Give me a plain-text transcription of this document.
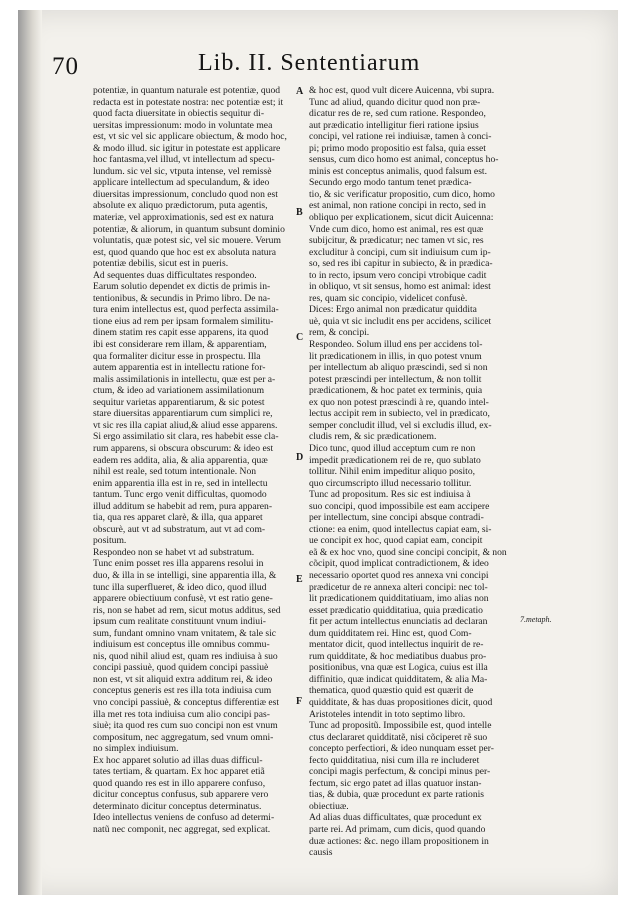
70	Lib. II. Sententiarum
potentiæ, in quantum naturale est potentiæ, quod
redacta est in potestate nostra: nec potentiæ est; it
quod facta diuersitate in obiectis sequitur di-
uersitas impressionum: modo in voluntate mea
est, vt sic vel sic applicare obiectum, & modo hoc,
& modo illud. sic igitur in potestate est applicare
hoc fantasma,vel illud, vt intellectum ad specu-
lundum. sic vel sic, vtputa intense, vel remissè
applicare intellectum ad speculandum, & ideo
diuersitas impressionum, concludo quod non est
absolute ex aliquo prædictorum, puta agentis,
materiæ, vel approximationis, sed est ex natura
potentiæ, & aliorum, in quantum subsunt dominio
voluntatis, quæ potest sic, vel sic mouere. Verum
est, quod quando que hoc est ex absoluta natura
potentiæ debilis, sicut est in pueris.
Ad sequentes duas difficultates respondeo.
Earum solutio dependet ex dictis de primis in-
tentionibus, & secundis in Primo libro. De na-
tura enim intellectus est, quod perfecta assimila-
tione eius ad rem per ipsam formalem similitu-
dinem statim res capit esse apparens, ita quod
ibi est considerare rem illam, & apparentiam,
qua formaliter dicitur esse in prospectu. Illa
autem apparentia est in intellectu ratione for-
malis assimilationis in intellectu, quæ est per a-
ctum, & ideo ad variationem assimilationum
sequitur varietas apparentiarum, & sic potest
stare diuersitas apparentiarum cum simplici re,
vt sic res illa capiat aliud,& aliud esse apparens.
Si ergo assimilatio sit clara, res habebit esse cla-
rum apparens, si obscura obscurum: & ideo est
eadem res addita, alia, & alia apparentia, quæ
nihil est reale, sed totum intentionale. Non
enim apparentia illa est in re, sed in intellectu
tantum. Tunc ergo venit difficultas, quomodo
illud additum se habebit ad rem, pura apparen-
tia, qua res apparet clarè, & illa, qua apparet
obscurè, aut vt ad substratum, aut vt ad com-
positum.
Respondeo non se habet vt ad substratum.
Tunc enim posset res illa apparens resolui in
duo, & illa in se intelligi, sine apparentia illa, &
tunc illa superflueret, & ideo dico, quod illud
apparere obiectiuum confusè, vt est ratio gene-
ris, non se habet ad rem, sicut motus additus, sed
ipsum cum realitate constituunt vnum indiui-
sum, fundant omnino vnam vnitatem, & tale sic
indiuisum est conceptus ille omnibus commu-
nis, quod nihil aliud est, quam res indiuisa à suo
concipi passiuè, quod quidem concipi passiuè
non est, vt sit aliquid extra additum rei, & ideo
conceptus generis est res illa tota indiuisa cum
vno concipi passiuè, & conceptus differentiæ est
illa met res tota indiuisa cum alio concipi pas-
siuè; ita quod res cum suo concipi non est vnum
compositum, nec aggregatum, sed vnum omni-
no simplex indiuisum.
Ex hoc apparet solutio ad illas duas difficul-
tates tertiam, & quartam. Ex hoc apparet etiã
quod quando res est in illo apparere confuso,
dicitur conceptus confusus, sub apparere vero
determinato dicitur conceptus determinatus.
Ideo intellectus veniens de confuso ad determi-
natũ nec componit, nec aggregat, sed explicat.
& hoc est, quod vult dicere Auicenna, vbi supra.
Tunc ad aliud, quando dicitur quod non præ-
dicatur res de re, sed cum ratione. Respondeo,
aut prædicatio intelligitur fieri ratione ipsius
concipi, vel ratione rei indiuisæ, tamen à conci-
pi; primo modo propositio est falsa, quia esset
sensus, cum dico homo est animal, conceptus ho-
minis est conceptus animalis, quod falsum est.
Secundo ergo modo tantum tenet prædica-
tio, & sic verificatur propositio, cum dico, homo
est animal, non ratione concipi in recto, sed in
obliquo per explicationem, sicut dicit Auicenna:
Vnde cum dico, homo est animal, res est quæ
subijcitur, & prædicatur; nec tamen vt sic, res
excluditur à concipi, cum sit indiuisum cum ip-
so, sed res ibi capitur in subiecto, & in prædica-
to in recto, ipsum vero concipi vtrobique cadit
in obliquo, vt sit sensus, homo est animal: idest
res, quam sic concipio, videlicet confusè.
Dices: Ergo animal non prædicatur quiddita
uè, quia vt sic includit ens per accidens, scilicet
rem, & concipi.
Respondeo. Solum illud ens per accidens tol-
lit prædicationem in illis, in quo potest vnum
per intellectum ab aliquo præscindi, sed si non
potest præscindi per intellectum, & non tollit
prædicationem, & hoc patet ex terminis, quia
ex quo non potest præscindi à re, quando intel-
lectus accipit rem in subiecto, vel in prædicato,
semper concludit illud, vel si excludis illud, ex-
cludis rem, & sic prædicationem.
Dico tunc, quod illud acceptum cum re non
impedit prædicationem rei de re, quo sublato
tollitur. Nihil enim impeditur aliquo posito,
quo circumscripto illud necessario tollitur.
Tunc ad propositum. Res sic est indiuisa à
suo concipi, quod impossibile est eam accipere
per intellectum, sine concipi absque contradi-
ctione: ea enim, quod intellectus capiat eam, si-
ue concipit ex hoc, quod capiat eam, concipit
eã & ex hoc vno, quod sine concipi concipit, & non
cõcipit, quod implicat contradictionem, & ideo
necessario oportet quod res annexa vni concipi
prædicetur de re annexa alteri concipi: nec tol-
lit prædicationem quidditatiuam, imo alias non
esset prædicatio quidditatiua, quia prædicatio
fit per actum intellectus enunciatis ad declaran
dum quidditatem rei. Hinc est, quod Com-
mentator dicit, quod intellectus inquirit de re-
rum quidditate, & hoc mediatibus duabus pro-
positionibus, vna quæ est Logica, cuius est illa
diffinitio, quæ indicat quidditatem, & alia Ma-
thematica, quod quæstio quid est quærit de
quidditate, & has duas propositiones dicit, quod
Aristoteles intendit in toto septimo libro.
Tunc ad propositũ. Impossibile est, quod intelle
ctus declararet quidditatẽ, nisi cõciperet rẽ suo
concepto perfectiori, & ideo nunquam esset per-
fecto quidditatiua, nisi cum illa re includeret
concipi magis perfectum, & concipi minus per-
fectum, sic ergo patet ad illas quatuor instan-
tias, & dubia, quæ procedunt ex parte rationis
obiectiuæ.
Ad alias duas difficultates, quæ procedunt ex
parte rei. Ad primam, cum dicis, quod quando
duæ actiones: &c. nego illam propositionem in
causis
A
B
C
D
E
F
7.metaph.
